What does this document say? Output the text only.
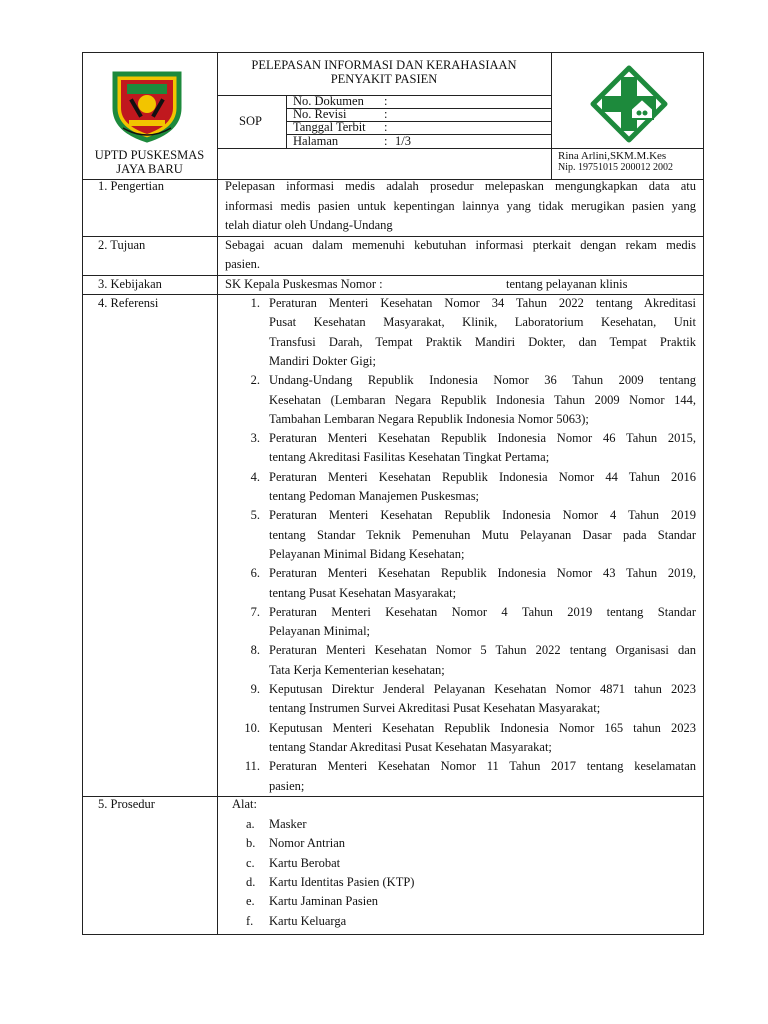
PELEPASAN INFORMASI DAN KERAHASIAAN
PENYAKIT PASIEN
SOP
No. Dokumen :
No. Revisi	:
Tanggal Terbit :
Halaman	: 1/3
UPTD PUSKESMAS
JAYA BARU
Rina Arlini,SKM.M.Kes
Nip. 19751015 200012 2002
1. Pengertian	Pelepasan informasi medis adalah prosedur melepaskan mengungkapkan data atu
informasi medis pasien untuk kepentingan lainnya yang tidak merugikan pasien yang
telah diatur oleh Undang-Undang
2. Tujuan	Sebagai acuan dalam memenuhi kebutuhan informasi pterkait dengan rekam medis
pasien.
3. Kebijakan	SK Kepala Puskesmas Nomor :	tentang pelayanan klinis
4. Referensi	1. Peraturan Menteri Kesehatan Nomor 34 Tahun 2022 tentang Akreditasi
Pusat Kesehatan Masyarakat, Klinik, Laboratorium Kesehatan, Unit
Transfusi Darah, Tempat Praktik Mandiri Dokter, dan Tempat Praktik
Mandiri Dokter Gigi;
2. Undang-Undang Republik Indonesia Nomor 36 Tahun 2009 tentang
Kesehatan (Lembaran Negara Republik Indonesia Tahun 2009 Nomor 144,
Tambahan Lembaran Negara Republik Indonesia Nomor 5063);
3. Peraturan Menteri Kesehatan Republik Indonesia Nomor 46 Tahun 2015,
tentang Akreditasi Fasilitas Kesehatan Tingkat Pertama;
4. Peraturan Menteri Kesehatan Republik Indonesia Nomor 44 Tahun 2016
tentang Pedoman Manajemen Puskesmas;
5. Peraturan Menteri Kesehatan Republik Indonesia Nomor 4 Tahun 2019
tentang Standar Teknik Pemenuhan Mutu Pelayanan Dasar pada Standar
Pelayanan Minimal Bidang Kesehatan;
6. Peraturan Menteri Kesehatan Republik Indonesia Nomor 43 Tahun 2019,
tentang Pusat Kesehatan Masyarakat;
7. Peraturan Menteri Kesehatan Nomor 4 Tahun 2019 tentang Standar
Pelayanan Minimal;
8. Peraturan Menteri Kesehatan Nomor 5 Tahun 2022 tentang Organisasi dan
Tata Kerja Kementerian kesehatan;
9. Keputusan Direktur Jenderal Pelayanan Kesehatan Nomor 4871 tahun 2023
tentang Instrumen Survei Akreditasi Pusat Kesehatan Masyarakat;
10. Keputusan Menteri Kesehatan Republik Indonesia Nomor 165 tahun 2023
tentang Standar Akreditasi Pusat Kesehatan Masyarakat;
11. Peraturan Menteri Kesehatan Nomor 11 Tahun 2017 tentang keselamatan
pasien;
5. Prosedur	Alat:
a. Masker
b. Nomor Antrian
c. Kartu Berobat
d. Kartu Identitas Pasien (KTP)
e. Kartu Jaminan Pasien
f. Kartu Keluarga
